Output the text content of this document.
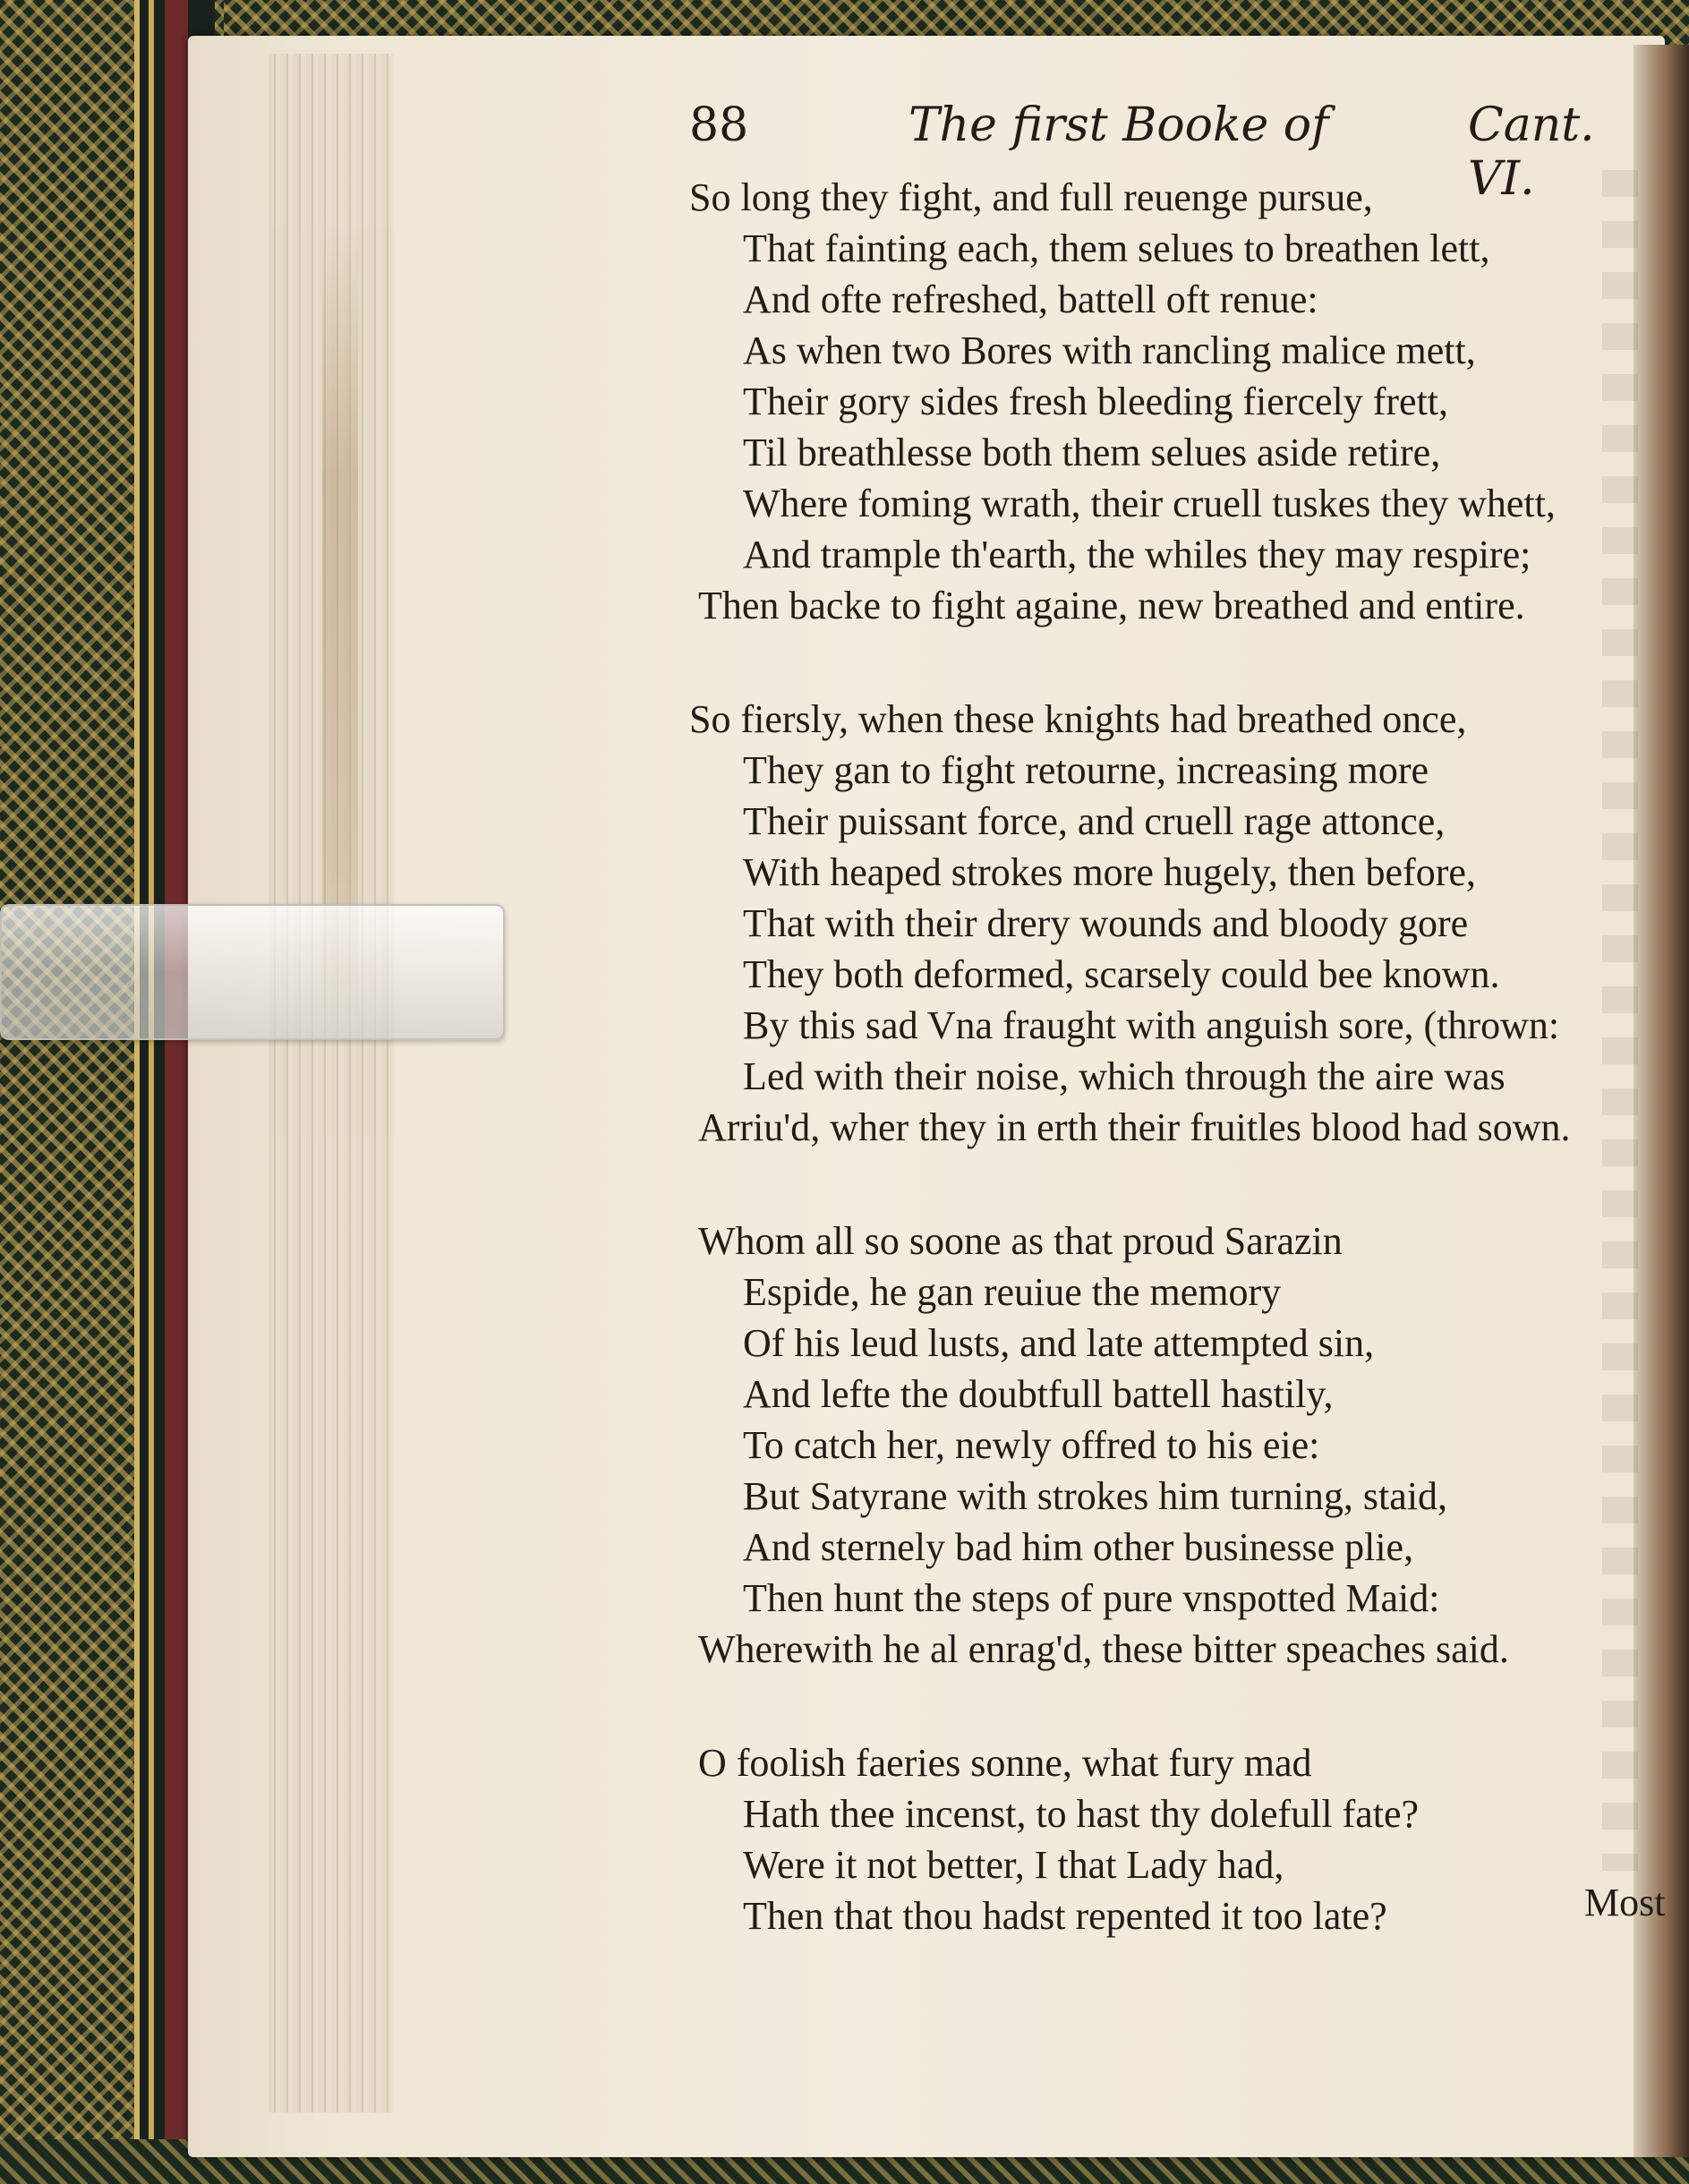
88	The first Booke of	Cant. VI.
So long they fight, and full reuenge pursue,
That fainting each, them selues to breathen lett,
And ofte refreshed, battell oft renue:
As when two Bores with rancling malice mett,
Their gory sides fresh bleeding fiercely frett,
Til breathlesse both them selues aside retire,
Where foming wrath, their cruell tuskes they whett,
And trample th'earth, the whiles they may respire;
Then backe to fight againe, new breathed and entire.
So fiersly, when these knights had breathed once,
They gan to fight retourne, increasing more
Their puissant force, and cruell rage attonce,
With heaped strokes more hugely, then before,
That with their drery wounds and bloody gore
They both deformed, scarsely could bee known.
By this sad Vna fraught with anguish sore, (thrown:
Led with their noise, which through the aire was
Arriu'd, wher they in erth their fruitles blood had sown.
Whom all so soone as that proud Sarazin
Espide, he gan reuiue the memory
Of his leud lusts, and late attempted sin,
And lefte the doubtfull battell hastily,
To catch her, newly offred to his eie:
But Satyrane with strokes him turning, staid,
And sternely bad him other businesse plie,
Then hunt the steps of pure vnspotted Maid:
Wherewith he al enrag'd, these bitter speaches said.
O foolish faeries sonne, what fury mad
Hath thee incenst, to hast thy dolefull fate?
Were it not better, I that Lady had,
Then that thou hadst repented it too late?	Most
